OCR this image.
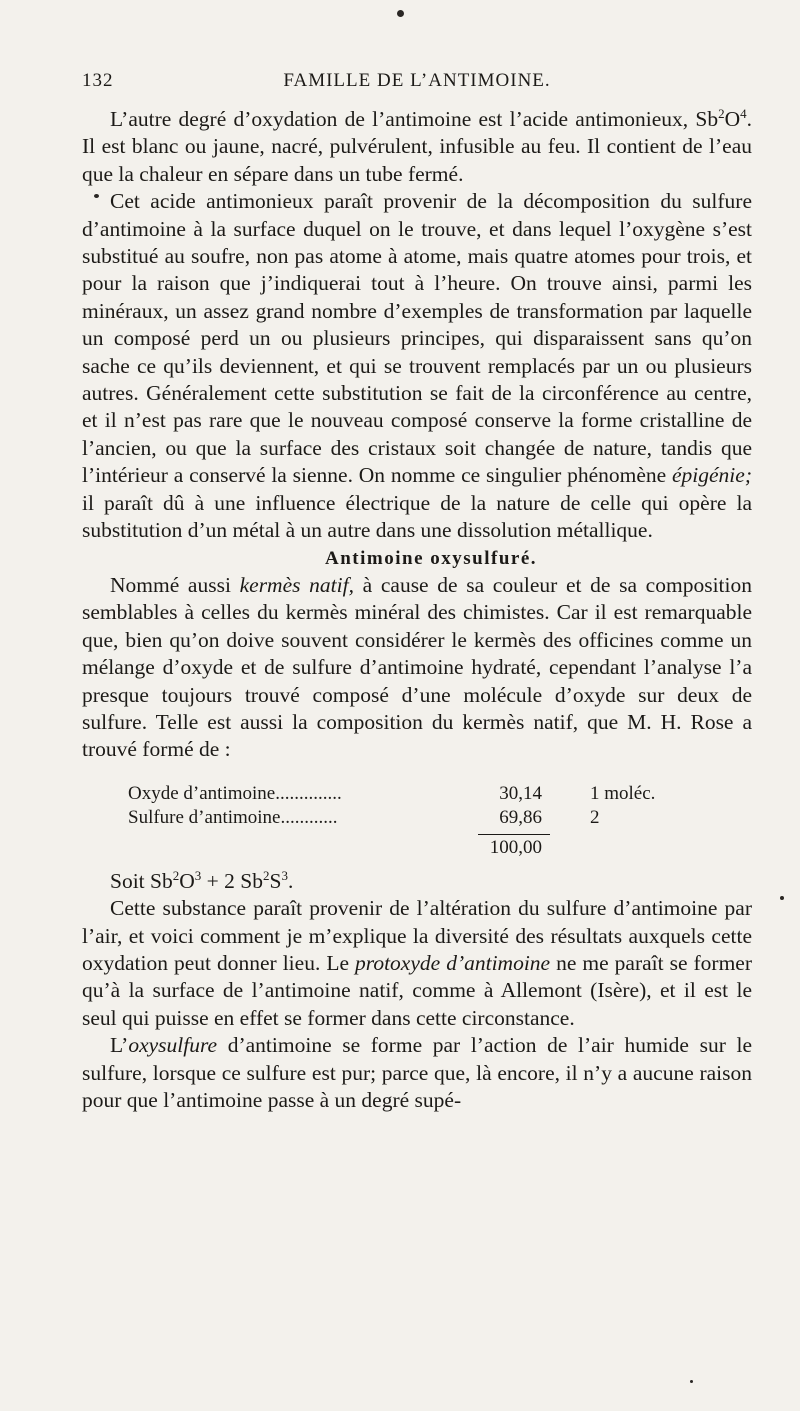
132	FAMILLE DE L’ANTIMOINE.

L’autre degré d’oxydation de l’antimoine est l’acide antimonieux, $Sb^2O^4$. Il est blanc ou jaune, nacré, pulvérulent, infusible au feu. Il contient de l’eau que la chaleur en sépare dans un tube fermé.

Cet acide antimonieux paraît provenir de la décomposition du sulfure d’antimoine à la surface duquel on le trouve, et dans lequel l’oxygène s’est substitué au soufre, non pas atome à atome, mais quatre atomes pour trois, et pour la raison que j’indiquerai tout à l’heure. On trouve ainsi, parmi les minéraux, un assez grand nombre d’exemples de transformation par laquelle un composé perd un ou plusieurs principes, qui disparaissent sans qu’on sache ce qu’ils deviennent, et qui se trouvent remplacés par un ou plusieurs autres. Généralement cette substitution se fait de la circonférence au centre, et il n’est pas rare que le nouveau composé conserve la forme cristalline de l’ancien, ou que la surface des cristaux soit changée de nature, tandis que l’intérieur a conservé la sienne. On nomme ce singulier phénomène épigénie; il paraît dû à une influence électrique de la nature de celle qui opère la substitution d’un métal à un autre dans une dissolution métallique.

Antimoine oxysulfuré.

Nommé aussi kermès natif, à cause de sa couleur et de sa composition semblables à celles du kermès minéral des chimistes. Car il est remarquable que, bien qu’on doive souvent considérer le kermès des officines comme un mélange d’oxyde et de sulfure d’antimoine hydraté, cependant l’analyse l’a presque toujours trouvé composé d’une molécule d’oxyde sur deux de sulfure. Telle est aussi la composition du kermès natif, que M. H. Rose a trouvé formé de :

Oxyde d’antimoine..............	30,14	1 moléc.
Sulfure d’antimoine............	69,86	2
100,00

Soit $Sb^2O^3 + 2$ $Sb^2S^3$.

Cette substance paraît provenir de l’altération du sulfure d’antimoine par l’air, et voici comment je m’explique la diversité des résultats auxquels cette oxydation peut donner lieu. Le protoxyde d’antimoine ne me paraît se former qu’à la surface de l’antimoine natif, comme à Allemont (Isère), et il est le seul qui puisse en effet se former dans cette circonstance.

L’oxysulfure d’antimoine se forme par l’action de l’air humide sur le sulfure, lorsque ce sulfure est pur; parce que, là encore, il n’y a aucune raison pour que l’antimoine passe à un degré supé-
